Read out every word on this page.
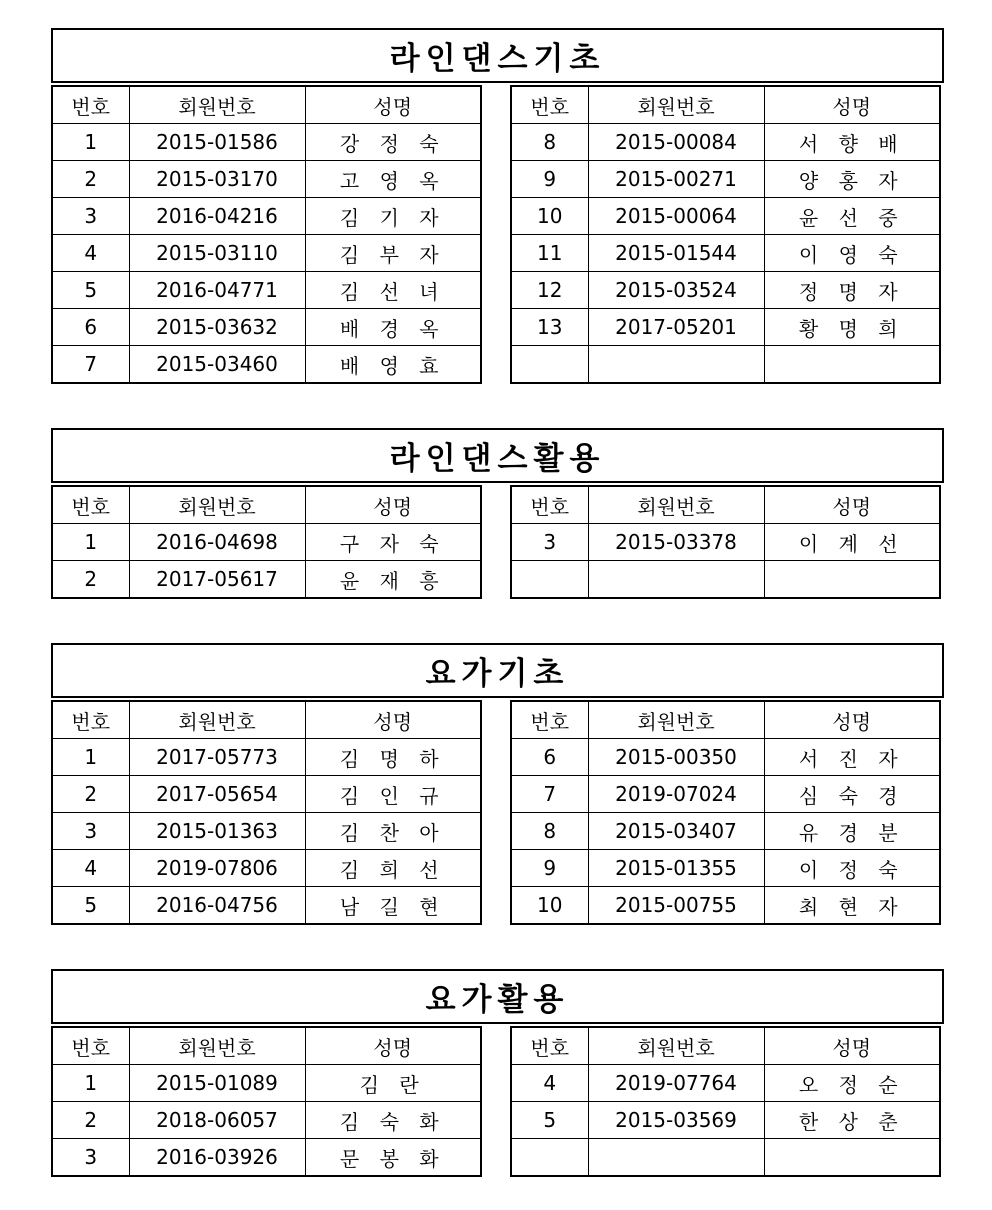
라인댄스기초
번호	회원번호	성명
1	2015-01586	강 정 숙
2	2015-03170	고 영 옥
3	2016-04216	김 기 자
4	2015-03110	김 부 자
5	2016-04771	김 선 녀
6	2015-03632	배 경 옥
7	2015-03460	배 영 효
번호	회원번호	성명
8	2015-00084	서 향 배
9	2015-00271	양 홍 자
10	2015-00064	윤 선 중
11	2015-01544	이 영 숙
12	2015-03524	정 명 자
13	2017-05201	황 명 희

라인댄스활용
번호	회원번호	성명
1	2016-04698	구 자 숙
2	2017-05617	윤 재 흥
번호	회원번호	성명
3	2015-03378	이 계 선

요가기초
번호	회원번호	성명
1	2017-05773	김 명 하
2	2017-05654	김 인 규
3	2015-01363	김 찬 아
4	2019-07806	김 희 선
5	2016-04756	남 길 현
번호	회원번호	성명
6	2015-00350	서 진 자
7	2019-07024	심 숙 경
8	2015-03407	유 경 분
9	2015-01355	이 정 숙
10	2015-00755	최 현 자
요가활용
번호	회원번호	성명
1	2015-01089	김 란
2	2018-06057	김 숙 화
3	2016-03926	문 봉 화
번호	회원번호	성명
4	2019-07764	오 정 순
5	2015-03569	한 상 춘
